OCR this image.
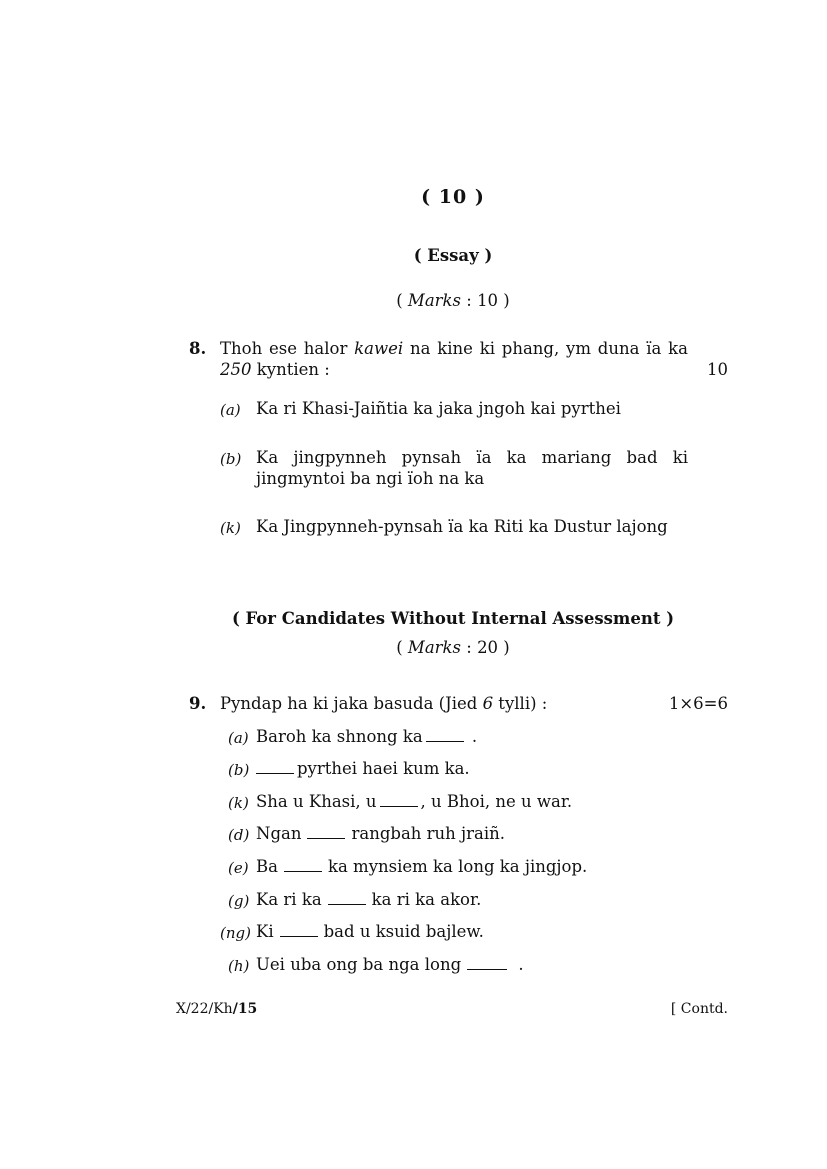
( 10 )
( Essay )
( Marks : 10 )
8. Thoh ese halor kawei na kine ki phang, ym duna ïa ka
250 kyntien :	10
(a) Ka ri Khasi-Jaiñtia ka jaka jngoh kai pyrthei
(b) Ka jingpynneh pynsah ïa ka mariang bad ki
jingmyntoi ba ngi ïoh na ka
(k) Ka Jingpynneh-pynsah ïa ka Riti ka Dustur lajong
( For Candidates Without Internal Assessment )
( Marks : 20 )
9. Pyndap ha ki jaka basuda (Jied 6 tylli) :	1×6=6
(a) Baroh ka shnong ka	.
(b)	pyrthei haei kum ka.
(k) Sha u Khasi, u	, u Bhoi, ne u war.
(d) Ngan	rangbah ruh jraiñ.
(e) Ba	ka mynsiem ka long ka jingjop.
(g) Ka ri ka	ka ri ka akor.
(ng) Ki	bad u ksuid bajlew.
(h) Uei uba ong ba nga long	.
X/22/Kh/15	[ Contd.
